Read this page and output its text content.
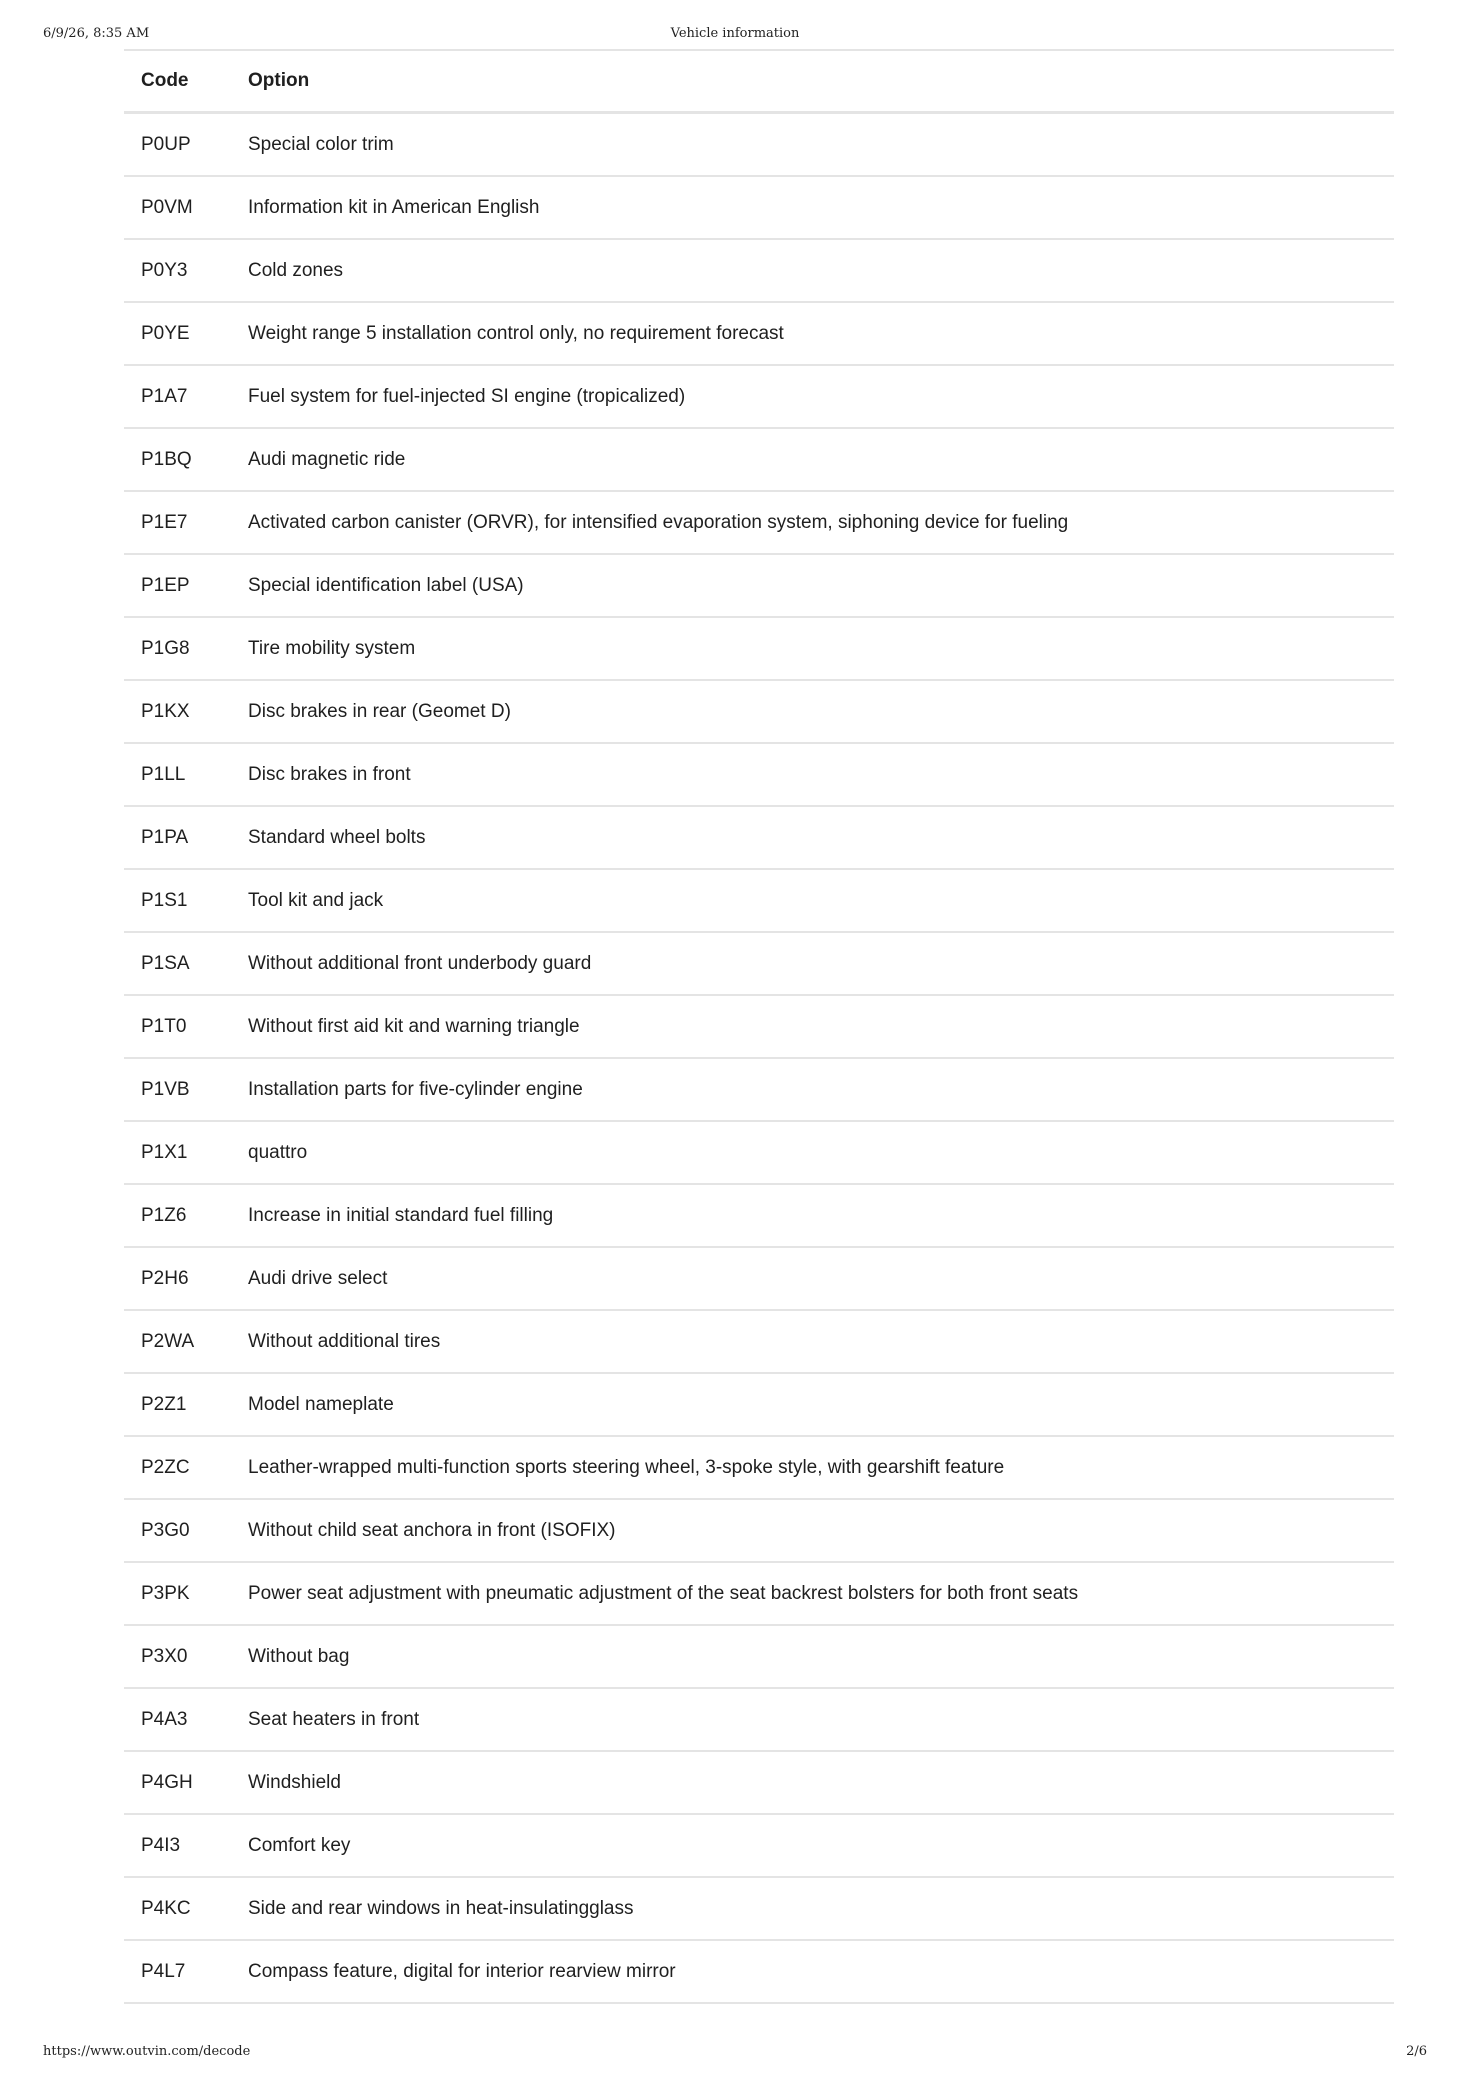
6/9/26, 8:35 AM	Vehicle information
Code	Option
P0UP	Special color trim
P0VM	Information kit in American English
P0Y3	Cold zones
P0YE	Weight range 5 installation control only, no requirement forecast
P1A7	Fuel system for fuel-injected SI engine (tropicalized)
P1BQ	Audi magnetic ride
P1E7	Activated carbon canister (ORVR), for intensified evaporation system, siphoning device for fueling
P1EP	Special identification label (USA)
P1G8	Tire mobility system
P1KX	Disc brakes in rear (Geomet D)
P1LL	Disc brakes in front
P1PA	Standard wheel bolts
P1S1	Tool kit and jack
P1SA	Without additional front underbody guard
P1T0	Without first aid kit and warning triangle
P1VB	Installation parts for five-cylinder engine
P1X1	quattro
P1Z6	Increase in initial standard fuel filling
P2H6	Audi drive select
P2WA	Without additional tires
P2Z1	Model nameplate
P2ZC	Leather-wrapped multi-function sports steering wheel, 3-spoke style, with gearshift feature
P3G0	Without child seat anchora in front (ISOFIX)
P3PK	Power seat adjustment with pneumatic adjustment of the seat backrest bolsters for both front seats
P3X0	Without bag
P4A3	Seat heaters in front
P4GH	Windshield
P4I3	Comfort key
P4KC	Side and rear windows in heat-insulatingglass
P4L7	Compass feature, digital for interior rearview mirror
https://www.outvin.com/decode	2/6
